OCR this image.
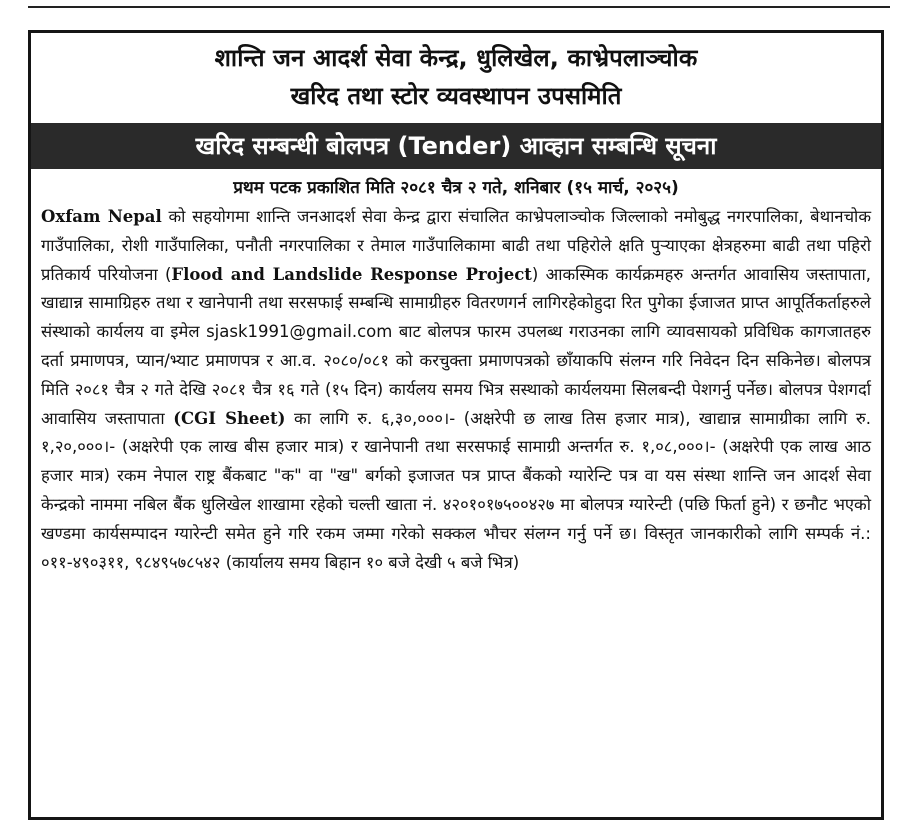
शान्ति जन आदर्श सेवा केन्द्र, धुलिखेल, काभ्रेपलाञ्चोक
खरिद तथा स्टोर व्यवस्थापन उपसमिति
खरिद सम्बन्धी बोलपत्र (Tender) आव्हान सम्बन्धि सूचना
प्रथम पटक प्रकाशित मिति २०८१ चैत्र २ गते, शनिबार (१५ मार्च, २०२५)
Oxfam Nepal को सहयोगमा शान्ति जनआदर्श सेवा केन्द्र द्वारा संचालित काभ्रेपलाञ्चोक जिल्लाको नमोबुद्ध नगरपालिका, बेथानचोक गाउँपालिका, रोशी गाउँपालिका, पनौती नगरपालिका र तेमाल गाउँपालिकामा बाढी तथा पहिरोले क्षति पुऱ्याएका क्षेत्रहरुमा बाढी तथा पहिरो प्रतिकार्य परियोजना (Flood and Landslide Response Project) आकस्मिक कार्यक्रमहरु अन्तर्गत आवासिय जस्तापाता, खाद्यान्न सामाग्रिहरु तथा र खानेपानी तथा सरसफाई सम्बन्धि सामाग्रीहरु वितरणगर्न लागिरहेकोहुदा रित पुगेका ईजाजत प्राप्त आपूर्तिकर्ताहरुले संस्थाको कार्यलय वा इमेल sjask1991@gmail.com बाट बोलपत्र फारम उपलब्ध गराउनका लागि व्यावसायको प्रविधिक कागजातहरु दर्ता प्रमाणपत्र, प्यान/भ्याट प्रमाणपत्र र आ.व. २०८०/०८१ को करचुक्ता प्रमाणपत्रको छाँयाकपि संलग्न गरि निवेदन दिन सकिनेछ। बोलपत्र मिति २०८१ चैत्र २ गते देखि २०८१ चैत्र १६ गते (१५ दिन) कार्यलय समय भित्र सस्थाको कार्यलयमा सिलबन्दी पेशगर्नु पर्नेछ। बोलपत्र पेशगर्दा आवासिय जस्तापाता (CGI Sheet) का लागि रु. ६,३०,०००।- (अक्षरेपी छ लाख तिस हजार मात्र), खाद्यान्न सामाग्रीका लागि रु. १,२०,०००।- (अक्षरेपी एक लाख बीस हजार मात्र) र खानेपानी तथा सरसफाई सामाग्री अन्तर्गत रु. १,०८,०००।- (अक्षरेपी एक लाख आठ हजार मात्र) रकम नेपाल राष्ट्र बैंकबाट "क" वा "ख" बर्गको इजाजत पत्र प्राप्त बैंकको ग्यारेन्टि पत्र वा यस संस्था शान्ति जन आदर्श सेवा केन्द्रको नाममा नबिल बैंक धुलिखेल शाखामा रहेको चल्ती खाता नं. ४२०१०१७५००४२७ मा बोलपत्र ग्यारेन्टी (पछि फिर्ता हुने) र छनौट भएको खण्डमा कार्यसम्पादन ग्यारेन्टी समेत हुने गरि रकम जम्मा गरेको सक्कल भौचर संलग्न गर्नु पर्ने छ। विस्तृत जानकारीको लागि सम्पर्क नं.: ०११-४९०३११, ९८४९५७८५४२ (कार्यालय समय बिहान १० बजे देखी ५ बजे भित्र)
